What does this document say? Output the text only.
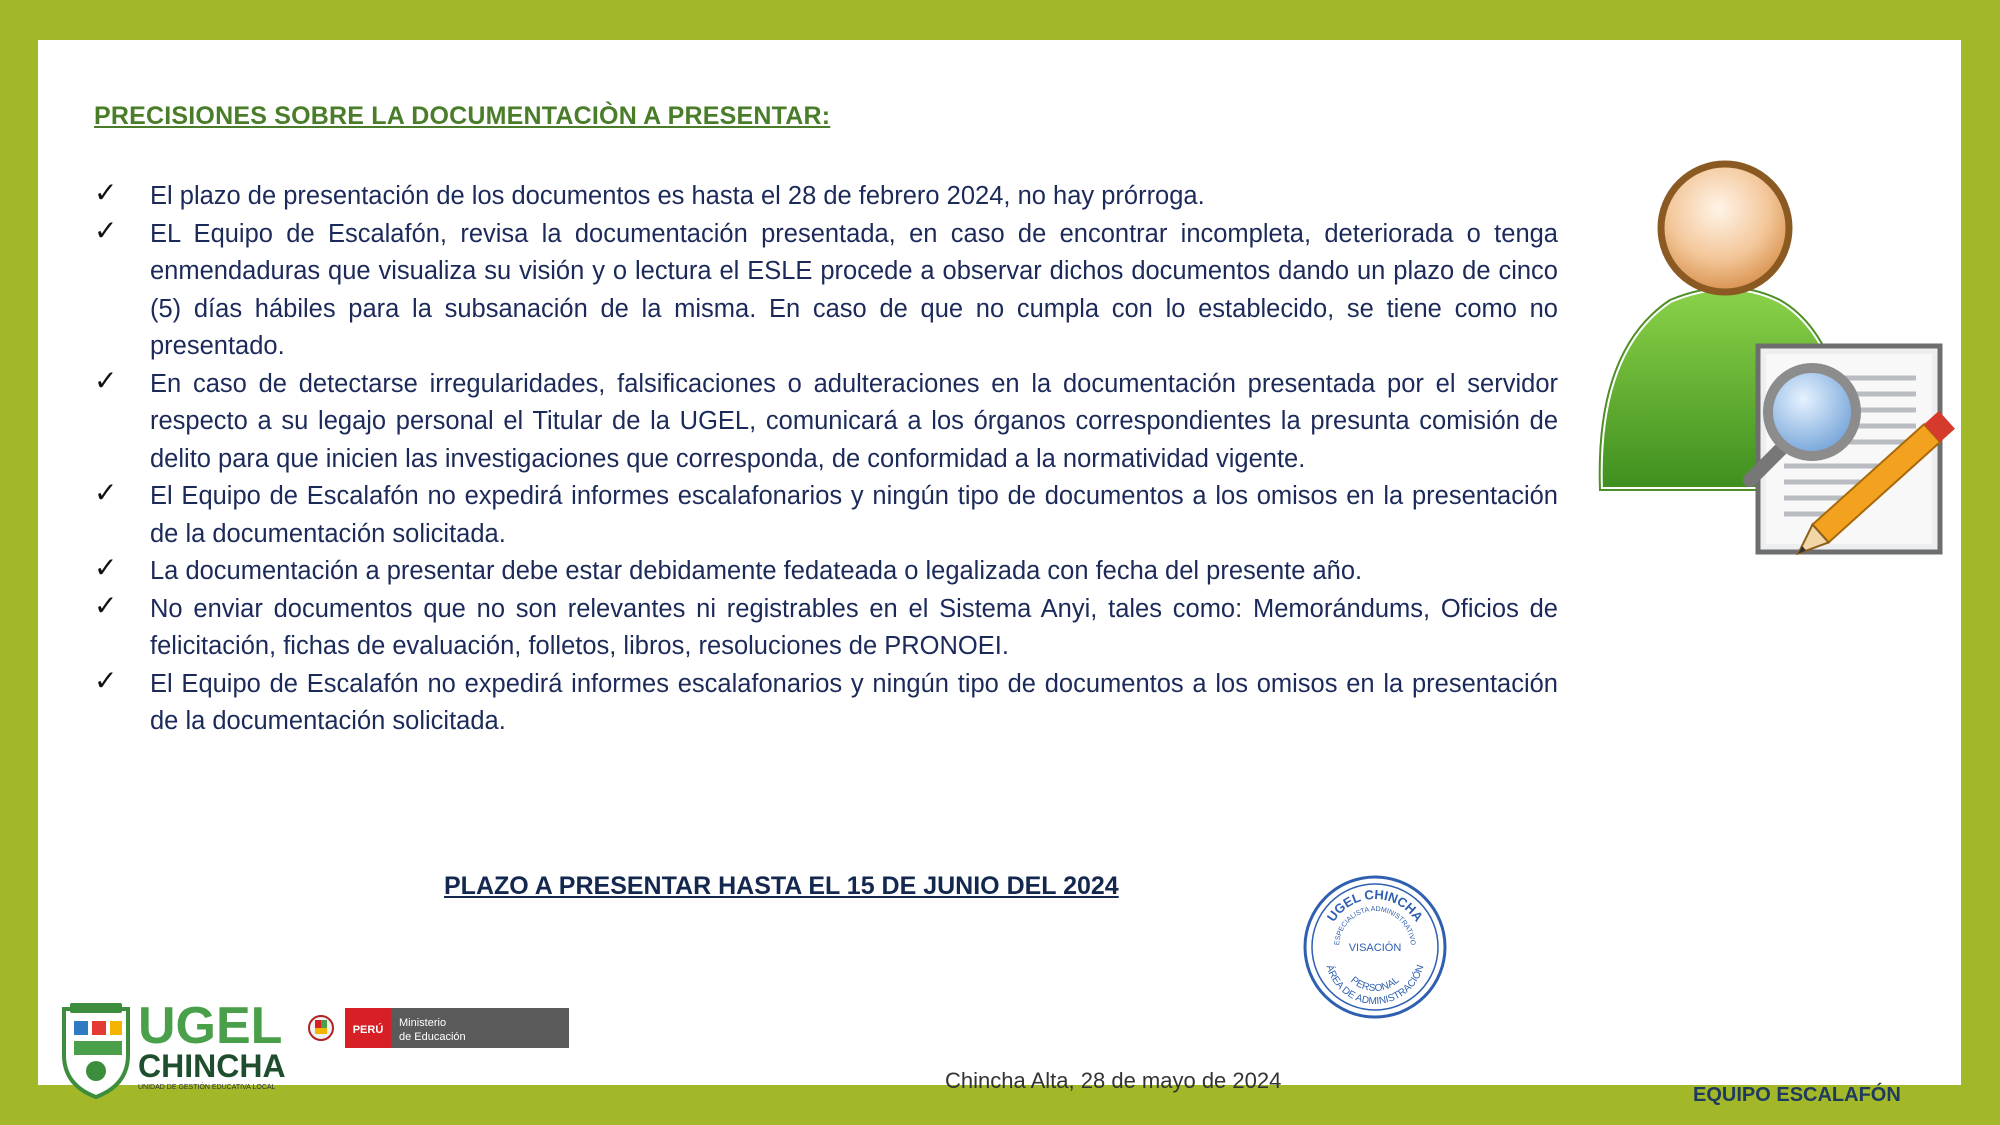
PRECISIONES SOBRE LA DOCUMENTACIÒN A PRESENTAR:
✓ El plazo de presentación de los documentos es hasta el 28 de febrero 2024, no hay prórroga.
✓ EL Equipo de Escalafón, revisa la documentación presentada, en caso de encontrar incompleta, deteriorada o tenga enmendaduras que visualiza su visión y o lectura el ESLE procede a observar dichos documentos dando un plazo de cinco (5) días hábiles para la subsanación de la misma. En caso de que no cumpla con lo establecido, se tiene como no presentado.
✓ En caso de detectarse irregularidades, falsificaciones o adulteraciones en la documentación presentada por el servidor respecto a su legajo personal el Titular de la UGEL, comunicará a los órganos correspondientes la presunta comisión de delito para que inicien las investigaciones que corresponda, de conformidad a la normatividad vigente.
✓ El Equipo de Escalafón no expedirá informes escalafonarios y ningún tipo de documentos a los omisos en la presentación de la documentación solicitada.
✓ La documentación a presentar debe estar debidamente fedateada o legalizada con fecha del presente año.
✓ No enviar documentos que no son relevantes ni registrables en el Sistema Anyi, tales como: Memorándums, Oficios de felicitación, fichas de evaluación, folletos, libros, resoluciones de PRONOEI.
✓ El Equipo de Escalafón no expedirá informes escalafonarios y ningún tipo de documentos a los omisos en la presentación de la documentación solicitada.
PLAZO A PRESENTAR HASTA EL 15 DE JUNIO DEL 2024
UGEL CHINCHA
ESPECIALISTA ADMINISTRATIVO
VISACIÓN
PERSONAL
ÁREA DE ADMINISTRACIÓN
UGEL
CHINCHA
UNIDAD DE GESTIÓN EDUCATIVA LOCAL
PERÚ
Ministerio
de Educación
Chincha Alta, 28 de mayo de 2024
EQUIPO ESCALAFÓN
